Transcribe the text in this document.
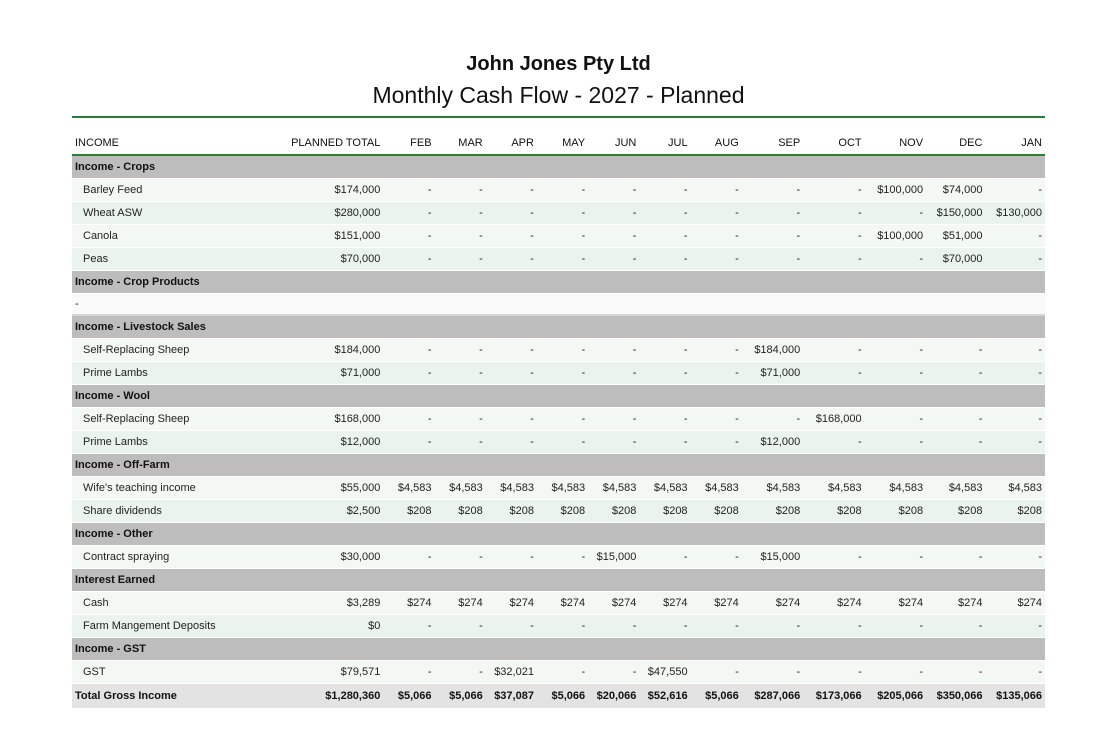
John Jones Pty Ltd
Monthly Cash Flow - 2027 - Planned
INCOME	PLANNED TOTAL	FEB	MAR	APR	MAY	JUN	JUL	AUG	SEP	OCT	NOV	DEC	JAN
Income - Crops													
Barley Feed	$174,000	-	-	-	-	-	-	-	-	-	$100,000	$74,000	-
Wheat ASW	$280,000	-	-	-	-	-	-	-	-	-	-	$150,000	$130,000
Canola	$151,000	-	-	-	-	-	-	-	-	-	$100,000	$51,000	-
Peas	$70,000	-	-	-	-	-	-	-	-	-	-	$70,000	-
Income - Crop Products													
-													
Income - Livestock Sales													
Self-Replacing Sheep	$184,000	-	-	-	-	-	-	-	$184,000	-	-	-	-
Prime Lambs	$71,000	-	-	-	-	-	-	-	$71,000	-	-	-	-
Income - Wool													
Self-Replacing Sheep	$168,000	-	-	-	-	-	-	-	-	$168,000	-	-	-
Prime Lambs	$12,000	-	-	-	-	-	-	-	$12,000	-	-	-	-
Income - Off-Farm													
Wife's teaching income	$55,000	$4,583	$4,583	$4,583	$4,583	$4,583	$4,583	$4,583	$4,583	$4,583	$4,583	$4,583	$4,583
Share dividends	$2,500	$208	$208	$208	$208	$208	$208	$208	$208	$208	$208	$208	$208
Income - Other													
Contract spraying	$30,000	-	-	-	-	$15,000	-	-	$15,000	-	-	-	-
Interest Earned													
Cash	$3,289	$274	$274	$274	$274	$274	$274	$274	$274	$274	$274	$274	$274
Farm Mangement Deposits	$0	-	-	-	-	-	-	-	-	-	-	-	-
Income - GST													
GST	$79,571	-	-	$32,021	-	-	$47,550	-	-	-	-	-	-
Total Gross Income	$1,280,360	$5,066	$5,066	$37,087	$5,066	$20,066	$52,616	$5,066	$287,066	$173,066	$205,066	$350,066	$135,066
